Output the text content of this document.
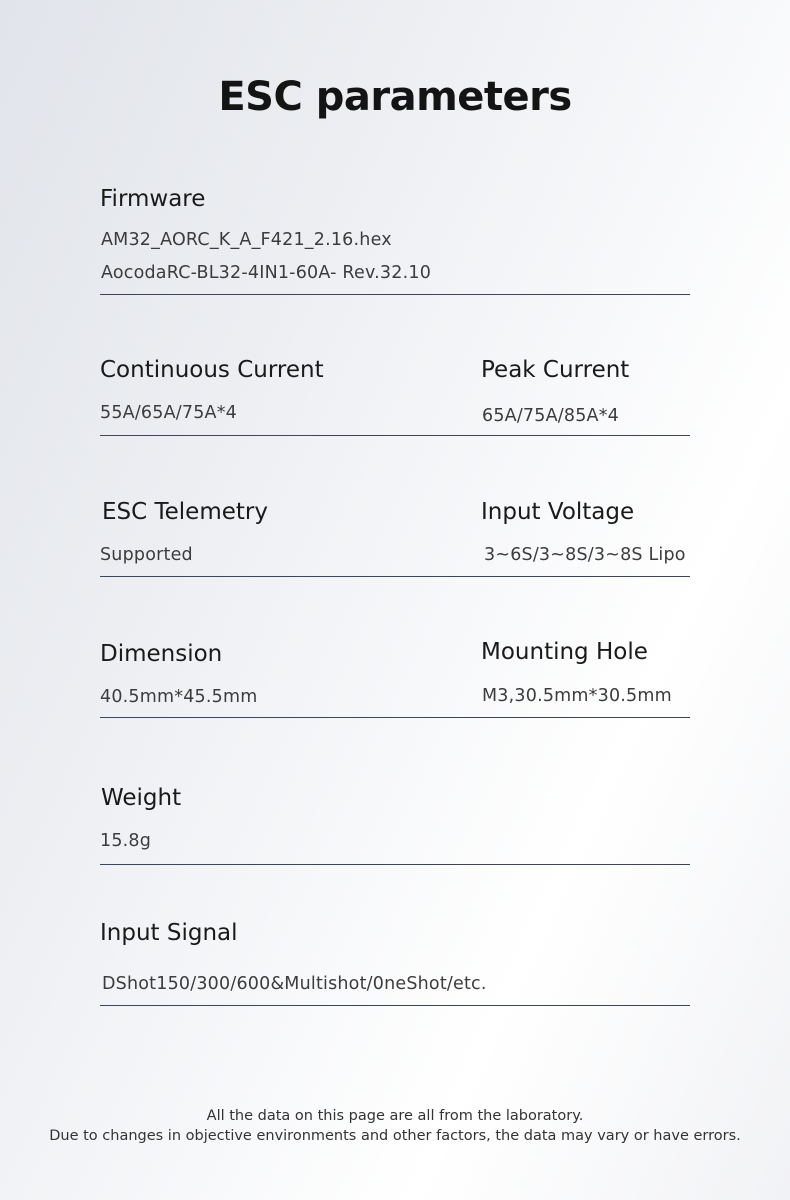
ESC parameters
Firmware
AM32_AORC_K_A_F421_2.16.hex
AocodaRC-BL32-4IN1-60A- Rev.32.10
Continuous Current
55A/65A/75A*4
Peak Current
65A/75A/85A*4
ESC Telemetry
Supported
Input Voltage
3~6S/3~8S/3~8S Lipo
Dimension
40.5mm*45.5mm
Mounting Hole
M3,30.5mm*30.5mm
Weight
15.8g
Input Signal
DShot150/300/600&Multishot/0neShot/etc.
All the data on this page are all from the laboratory.
Due to changes in objective environments and other factors, the data may vary or have errors.
